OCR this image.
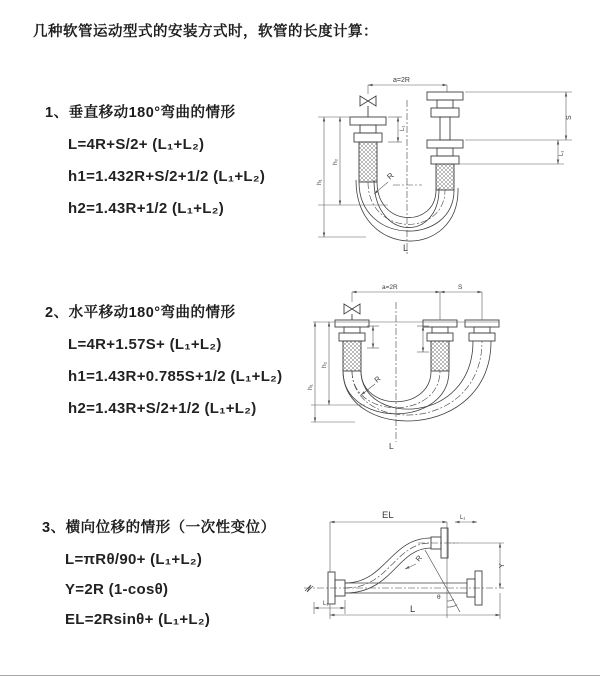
几种软管运动型式的安装方式时，软管的长度计算：
1、垂直移动180°弯曲的情形
L=4R+S/2+ (L₁+L₂)
h1=1.432R+S/2+1/2 (L₁+L₂)
h2=1.43R+1/2 (L₁+L₂)
2、水平移动180°弯曲的情形
L=4R+1.57S+ (L₁+L₂)
h1=1.43R+0.785S+1/2 (L₁+L₂)
h2=1.43R+S/2+1/2 (L₁+L₂)
3、横向位移的情形（一次性变位）
L=πRθ/90+ (L₁+L₂)
Y=2R (1-cosθ)
EL=2Rsinθ+ (L₁+L₂)
a=2R
L₁
h₂
h₁
S
L₁
R
L
a=2R	S
h₂
h₁
R
L
EL	L₁
Y
R
θ
L₁	L
